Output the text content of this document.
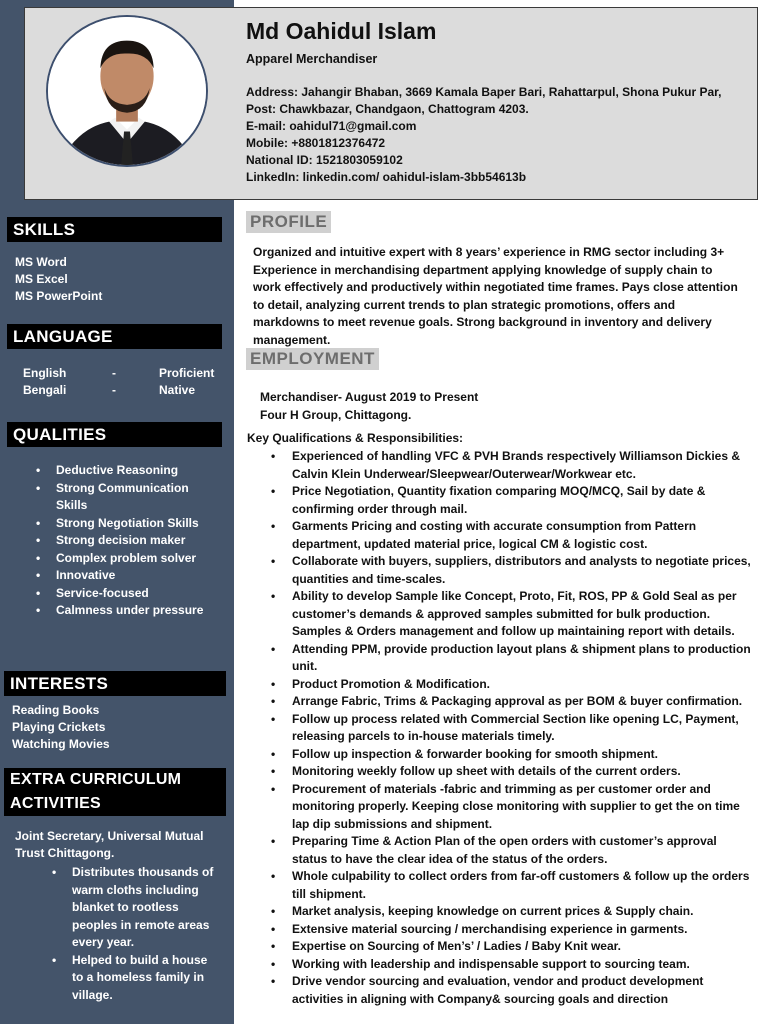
Md Oahidul Islam
Apparel Merchandiser
Address: Jahangir Bhaban, 3669 Kamala Baper Bari, Rahattarpul, Shona Pukur Par, Post: Chawkbazar, Chandgaon, Chattogram 4203.
E-mail: oahidul71@gmail.com
Mobile: +8801812376472
National ID: 1521803059102
LinkedIn: linkedin.com/ oahidul-islam-3bb54613b
SKILLS
MS Word
MS Excel
MS PowerPoint
LANGUAGE
English	-	Proficient
Bengali	-	Native
QUALITIES
• Deductive Reasoning
• Strong Communication Skills
• Strong Negotiation Skills
• Strong decision maker
• Complex problem solver
• Innovative
• Service-focused
• Calmness under pressure
INTERESTS
Reading Books
Playing Crickets
Watching Movies
EXTRA CURRICULUM ACTIVITIES
Joint Secretary, Universal Mutual Trust Chittagong.
• Distributes thousands of warm cloths including blanket to rootless peoples in remote areas every year.
• Helped to build a house to a homeless family in village.
PROFILE
Organized and intuitive expert with 8 years’ experience in RMG sector including 3+ Experience in merchandising department applying knowledge of supply chain to work effectively and productively within negotiated time frames. Pays close attention to detail, analyzing current trends to plan strategic promotions, offers and markdowns to meet revenue goals. Strong background in inventory and delivery management.
EMPLOYMENT
Merchandiser- August 2019 to Present
Four H Group, Chittagong.
Key Qualifications & Responsibilities:
• Experienced of handling VFC & PVH Brands respectively Williamson Dickies & Calvin Klein Underwear/Sleepwear/Outerwear/Workwear etc.
• Price Negotiation, Quantity fixation comparing MOQ/MCQ, Sail by date & confirming order through mail.
• Garments Pricing and costing with accurate consumption from Pattern department, updated material price, logical CM & logistic cost.
• Collaborate with buyers, suppliers, distributors and analysts to negotiate prices, quantities and time-scales.
• Ability to develop Sample like Concept, Proto, Fit, ROS, PP & Gold Seal as per customer’s demands & approved samples submitted for bulk production. Samples & Orders management and follow up maintaining report with details.
• Attending PPM, provide production layout plans & shipment plans to production unit.
• Product Promotion & Modification.
• Arrange Fabric, Trims & Packaging approval as per BOM & buyer confirmation.
• Follow up process related with Commercial Section like opening LC, Payment, releasing parcels to in-house materials timely.
• Follow up inspection & forwarder booking for smooth shipment.
• Monitoring weekly follow up sheet with details of the current orders.
• Procurement of materials -fabric and trimming as per customer order and monitoring properly. Keeping close monitoring with supplier to get the on time lap dip submissions and shipment.
• Preparing Time & Action Plan of the open orders with customer’s approval status to have the clear idea of the status of the orders.
• Whole culpability to collect orders from far-off customers & follow up the orders till shipment.
• Market analysis, keeping knowledge on current prices & Supply chain.
• Extensive material sourcing / merchandising experience in garments.
• Expertise on Sourcing of Men’s’ / Ladies / Baby Knit wear.
• Working with leadership and indispensable support to sourcing team.
• Drive vendor sourcing and evaluation, vendor and product development activities in aligning with Company& sourcing goals and direction
